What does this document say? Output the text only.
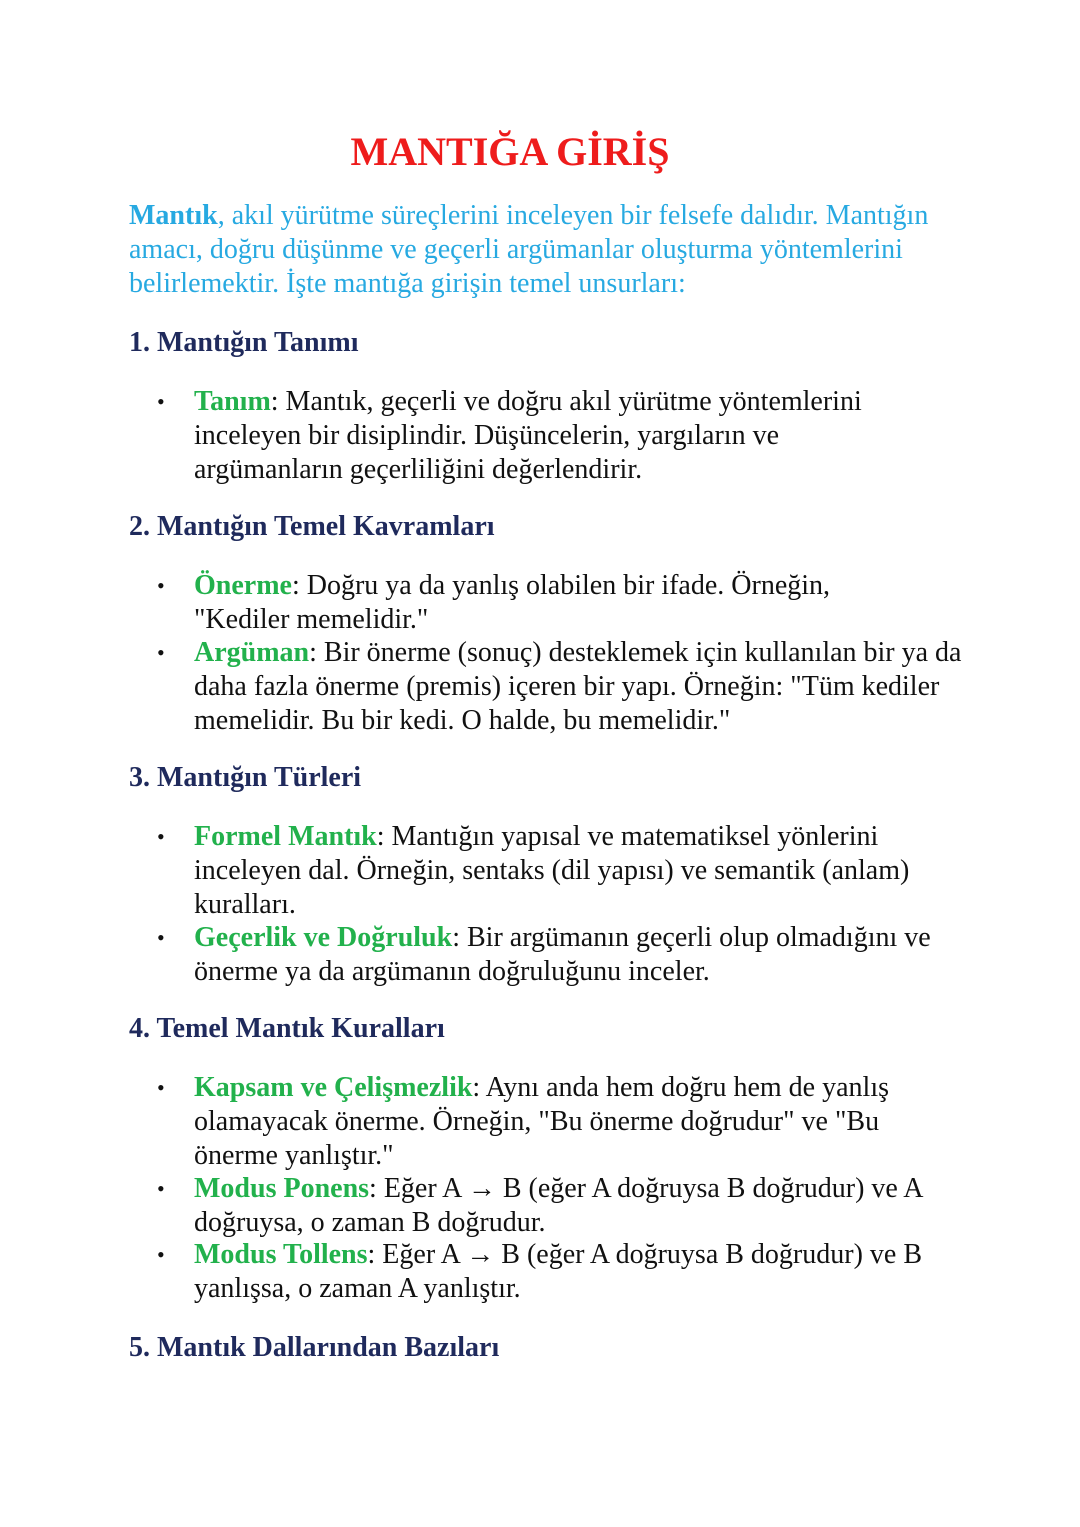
MANTIĞA GİRİŞ

Mantık, akıl yürütme süreçlerini inceleyen bir felsefe dalıdır. Mantığın amacı, doğru düşünme ve geçerli argümanlar oluşturma yöntemlerini belirlemektir. İşte mantığa girişin temel unsurları:

1. Mantığın Tanımı

• Tanım: Mantık, geçerli ve doğru akıl yürütme yöntemlerini inceleyen bir disiplindir. Düşüncelerin, yargıların ve argümanların geçerliliğini değerlendirir.

2. Mantığın Temel Kavramları

• Önerme: Doğru ya da yanlış olabilen bir ifade. Örneğin, "Kediler memelidir."

• Argüman: Bir önerme (sonuç) desteklemek için kullanılan bir ya da daha fazla önerme (premis) içeren bir yapı. Örneğin: "Tüm kediler memelidir. Bu bir kedi. O halde, bu memelidir."

3. Mantığın Türleri

• Formel Mantık: Mantığın yapısal ve matematiksel yönlerini inceleyen dal. Örneğin, sentaks (dil yapısı) ve semantik (anlam) kuralları.

• Geçerlik ve Doğruluk: Bir argümanın geçerli olup olmadığını ve önerme ya da argümanın doğruluğunu inceler.

4. Temel Mantık Kuralları

• Kapsam ve Çelişmezlik: Aynı anda hem doğru hem de yanlış olamayacak önerme. Örneğin, "Bu önerme doğrudur" ve "Bu önerme yanlıştır."

• Modus Ponens: Eğer A → B (eğer A doğruysa B doğrudur) ve A doğruysa, o zaman B doğrudur.

• Modus Tollens: Eğer A → B (eğer A doğruysa B doğrudur) ve B yanlışsa, o zaman A yanlıştır.

5. Mantık Dallarından Bazıları
